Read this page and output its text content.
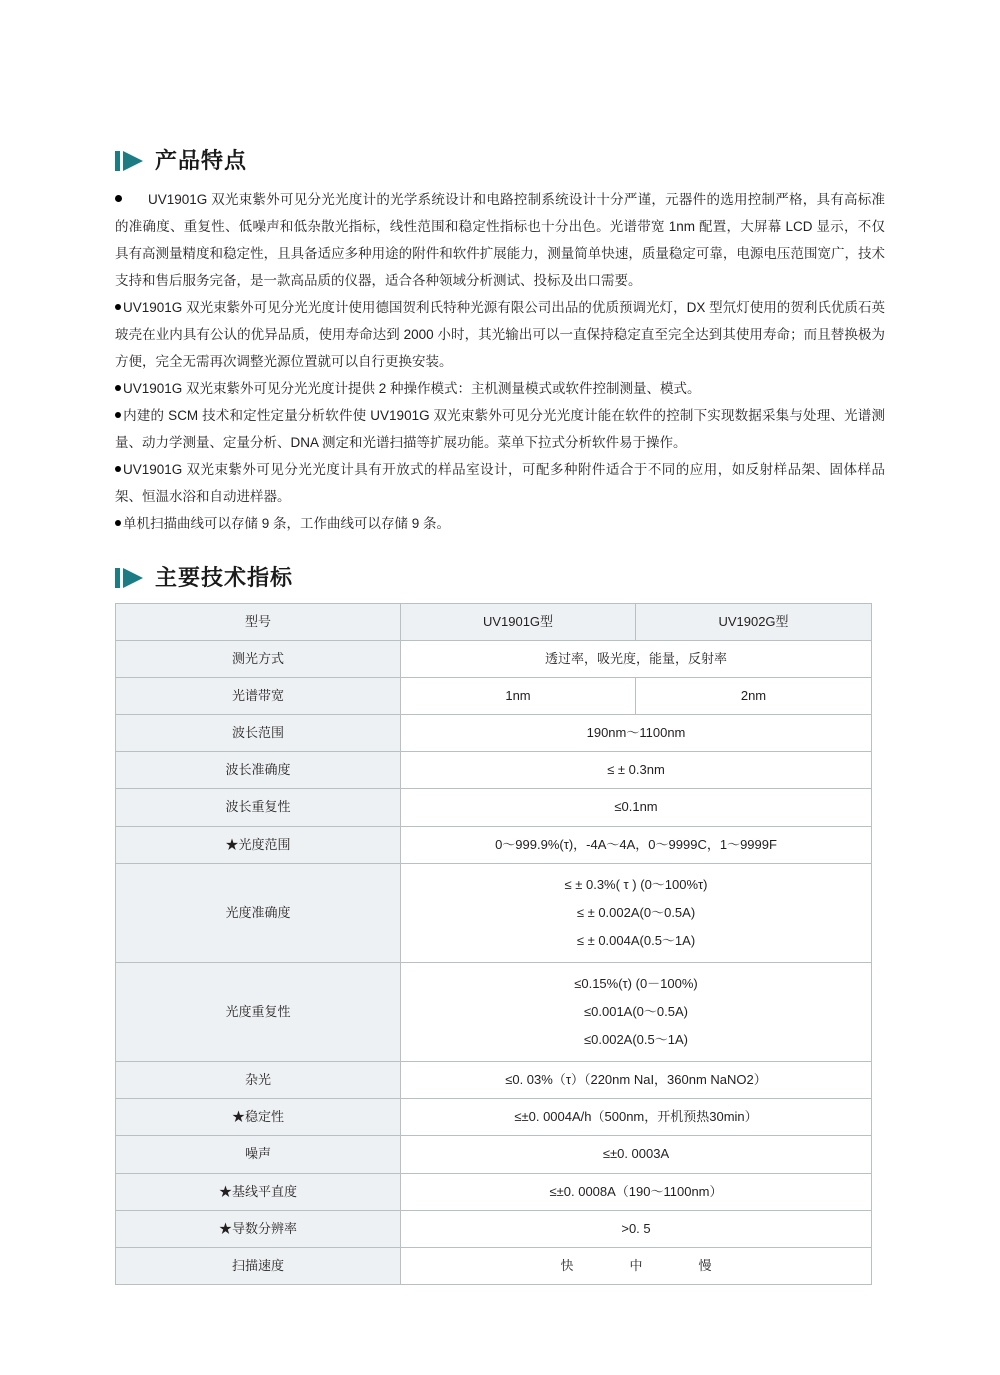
产品特点
UV1901G 双光束紫外可见分光光度计的光学系统设计和电路控制系统设计十分严谨，元器件的选用控制严格，具有高标准的准确度、重复性、低噪声和低杂散光指标，线性范围和稳定性指标也十分出色。光谱带宽 1nm 配置，大屏幕 LCD 显示，不仅具有高测量精度和稳定性，且具备适应多种用途的附件和软件扩展能力，测量简单快速，质量稳定可靠，电源电压范围宽广，技术支持和售后服务完备，是一款高品质的仪器，适合各种领域分析测试、投标及出口需要。
UV1901G 双光束紫外可见分光光度计使用德国贺利氏特种光源有限公司出品的优质预调光灯，DX 型氘灯使用的贺利氏优质石英玻壳在业内具有公认的优异品质，使用寿命达到 2000 小时，其光输出可以一直保持稳定直至完全达到其使用寿命；而且替换极为方便，完全无需再次调整光源位置就可以自行更换安装。
UV1901G 双光束紫外可见分光光度计提供 2 种操作模式：主机测量模式或软件控制测量、模式。
内建的 SCM 技术和定性定量分析软件使 UV1901G 双光束紫外可见分光光度计能在软件的控制下实现数据采集与处理、光谱测量、动力学测量、定量分析、DNA 测定和光谱扫描等扩展功能。菜单下拉式分析软件易于操作。
UV1901G 双光束紫外可见分光光度计具有开放式的样品室设计，可配多种附件适合于不同的应用，如反射样品架、固体样品架、恒温水浴和自动进样器。
单机扫描曲线可以存储 9 条，工作曲线可以存储 9 条。
主要技术指标
型号	UV1901G型	UV1902G型
测光方式	透过率，吸光度，能量，反射率	
光谱带宽	1nm	2nm
波长范围	190nm～1100nm	
波长准确度	≤ ± 0.3nm	
波长重复性	≤0.1nm	
★光度范围	0～999.9%(τ)，-4A～4A，0～9999C，1～9999F	
光度准确度	≤ ± 0.3%( τ ) (0～100%τ)
≤ ± 0.002A(0～0.5A)
≤ ± 0.004A(0.5～1A)	

光度重复性	≤0.15%(τ) (0－100%)
≤0.001A(0～0.5A)
≤0.002A(0.5～1A)	

杂光	≤0. 03%（τ）（220nm NaI，360nm NaNO2）	
★稳定性	≤±0. 0004A/h（500nm，开机预热30min）	
噪声	≤±0. 0003A	
★基线平直度	≤±0. 0008A（190～1100nm）	
★导数分辨率	>0. 5	
扫描速度	快 中 慢	
